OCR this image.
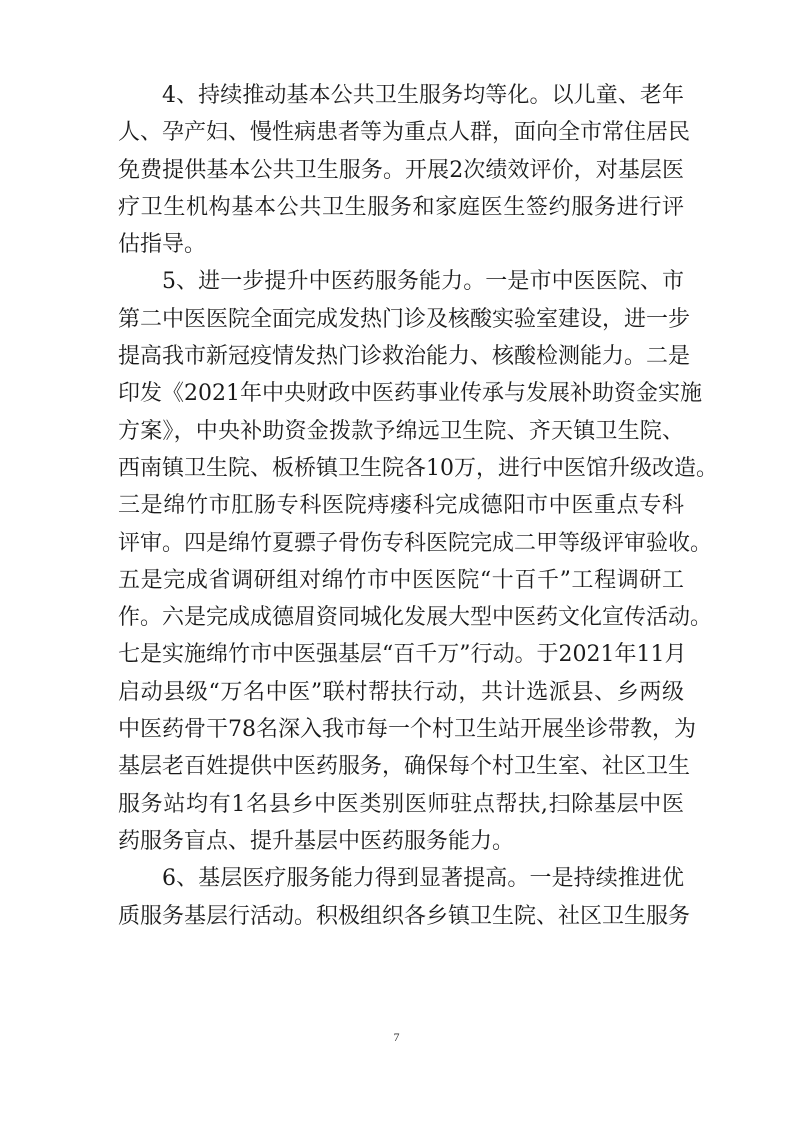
4、持续推动基本公共卫生服务均等化。以儿童、老年
人、孕产妇、慢性病患者等为重点人群，面向全市常住居民
免费提供基本公共卫生服务。开展2次绩效评价，对基层医
疗卫生机构基本公共卫生服务和家庭医生签约服务进行评
估指导。
5、进一步提升中医药服务能力。一是市中医医院、市
第二中医医院全面完成发热门诊及核酸实验室建设，进一步
提高我市新冠疫情发热门诊救治能力、核酸检测能力。二是
印发《2021年中央财政中医药事业传承与发展补助资金实施
方案》，中央补助资金拨款予绵远卫生院、齐天镇卫生院、
西南镇卫生院、板桥镇卫生院各10万，进行中医馆升级改造。
三是绵竹市肛肠专科医院痔瘘科完成德阳市中医重点专科
评审。四是绵竹夏骠子骨伤专科医院完成二甲等级评审验收。
五是完成省调研组对绵竹市中医医院“十百千”工程调研工
作。六是完成成德眉资同城化发展大型中医药文化宣传活动。
七是实施绵竹市中医强基层“百千万”行动。于2021年11月
启动县级“万名中医”联村帮扶行动，共计选派县、乡两级
中医药骨干78名深入我市每一个村卫生站开展坐诊带教，为
基层老百姓提供中医药服务，确保每个村卫生室、社区卫生
服务站均有1名县乡中医类别医师驻点帮扶,扫除基层中医
药服务盲点、提升基层中医药服务能力。
6、基层医疗服务能力得到显著提高。一是持续推进优
质服务基层行活动。积极组织各乡镇卫生院、社区卫生服务
7
